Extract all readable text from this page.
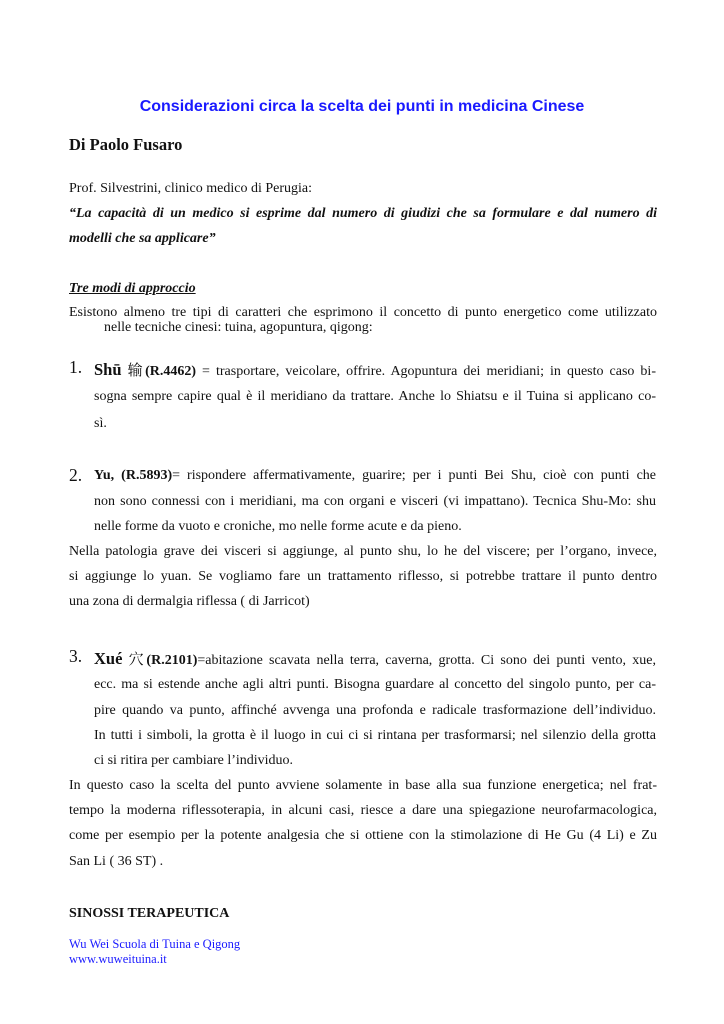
Considerazioni circa la scelta dei punti in medicina Cinese
Di Paolo Fusaro
Prof. Silvestrini, clinico medico di Perugia:
“La capacità di un medico si esprime dal numero di giudizi che sa formulare e dal numero di
modelli che sa applicare”
Tre modi di approccio
Esistono almeno tre tipi di caratteri che esprimono il concetto di punto energetico come utilizzato
nelle tecniche cinesi: tuina, agopuntura, qigong:
1. Shū 输(R.4462) = trasportare, veicolare, offrire. Agopuntura dei meridiani; in questo caso bi-
sogna sempre capire qual è il meridiano da trattare. Anche lo Shiatsu e il Tuina si applicano co-
sì.
2. Yu, (R.5893)= rispondere affermativamente, guarire; per i punti Bei Shu, cioè con punti che
non sono connessi con i meridiani, ma con organi e visceri (vi impattano). Tecnica Shu-Mo: shu
nelle forme da vuoto e croniche, mo nelle forme acute e da pieno.
Nella patologia grave dei visceri si aggiunge, al punto shu, lo he del viscere; per l’organo, invece,
si aggiunge lo yuan. Se vogliamo fare un trattamento riflesso, si potrebbe trattare il punto dentro
una zona di dermalgia riflessa ( di Jarricot)
3. Xué 穴(R.2101)=abitazione scavata nella terra, caverna, grotta. Ci sono dei punti vento, xue,
ecc. ma si estende anche agli altri punti. Bisogna guardare al concetto del singolo punto, per ca-
pire quando va punto, affinché avvenga una profonda e radicale trasformazione dell’individuo.
In tutti i simboli, la grotta è il luogo in cui ci si rintana per trasformarsi; nel silenzio della grotta
ci si ritira per cambiare l’individuo.
In questo caso la scelta del punto avviene solamente in base alla sua funzione energetica; nel frat-
tempo la moderna riflessoterapia, in alcuni casi, riesce a dare una spiegazione neurofarmacologica,
come per esempio per la potente analgesia che si ottiene con la stimolazione di He Gu (4 Li) e Zu
San Li ( 36 ST) .
SINOSSI TERAPEUTICA
Wu Wei Scuola di Tuina e Qigong
www.wuweituina.it
